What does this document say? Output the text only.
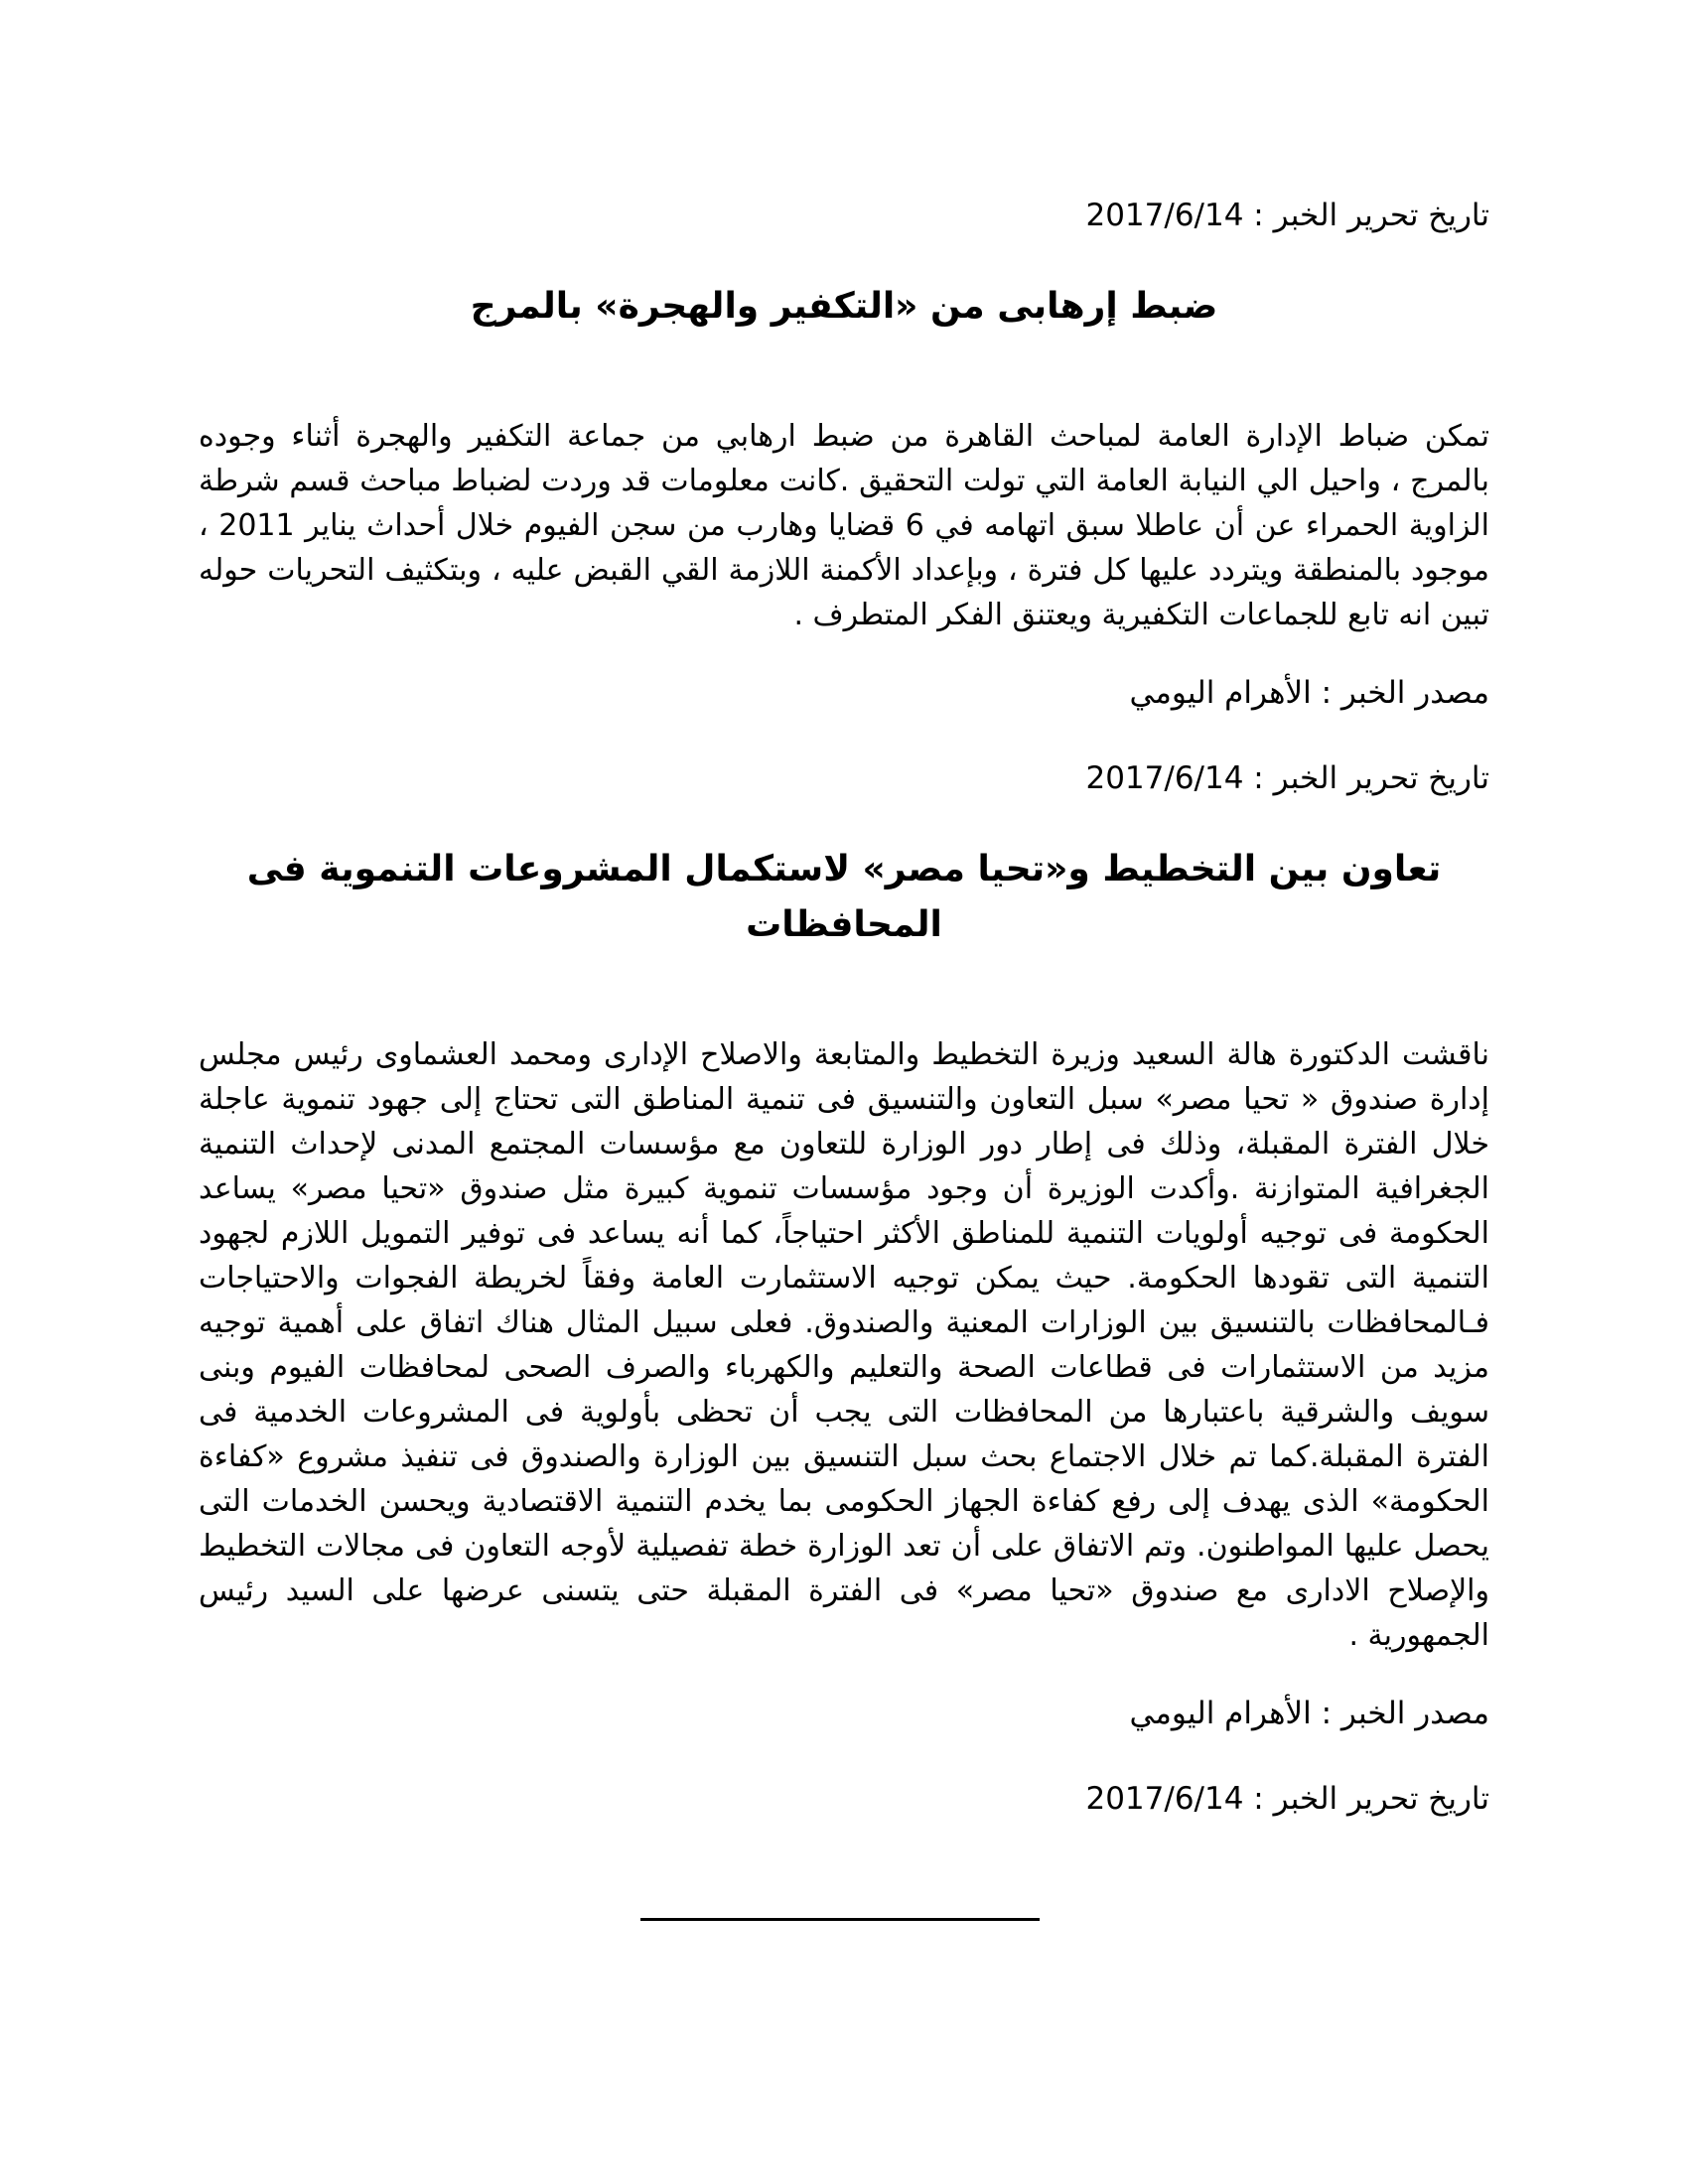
تاريخ تحرير الخبر : 2017/6/14

ضبط إرهابى من «التكفير والهجرة» بالمرج

تمكن ضباط الإدارة العامة لمباحث القاهرة من ضبط ارهابي من جماعة التكفير والهجرة أثناء وجوده بالمرج ، واحيل الي النيابة العامة التي تولت التحقيق .كانت معلومات قد وردت لضباط مباحث قسم شرطة الزاوية الحمراء عن أن عاطلا سبق اتهامه في 6 قضايا وهارب من سجن الفيوم خلال أحداث يناير 2011 ، موجود بالمنطقة ويتردد عليها كل فترة ، وبإعداد الأكمنة اللازمة القي القبض عليه ، وبتكثيف التحريات حوله تبين انه تابع للجماعات التكفيرية ويعتنق الفكر المتطرف .

مصدر الخبر : الأهرام اليومي

تاريخ تحرير الخبر : 2017/6/14

تعاون بين التخطيط و«تحيا مصر» لاستكمال المشروعات التنموية فى المحافظات

ناقشت الدكتورة هالة السعيد وزيرة التخطيط والمتابعة والاصلاح الإدارى ومحمد العشماوى رئيس مجلس إدارة صندوق « تحيا مصر» سبل التعاون والتنسيق فى تنمية المناطق التى تحتاج إلى جهود تنموية عاجلة خلال الفترة المقبلة، وذلك فى إطار دور الوزارة للتعاون مع مؤسسات المجتمع المدنى لإحداث التنمية الجغرافية المتوازنة .وأكدت الوزيرة أن وجود مؤسسات تنموية كبيرة مثل صندوق «تحيا مصر» يساعد الحكومة فى توجيه أولويات التنمية للمناطق الأكثر احتياجاً، كما أنه يساعد فى توفير التمويل اللازم لجهود التنمية التى تقودها الحكومة. حيث يمكن توجيه الاستثمارت العامة وفقاً لخريطة الفجوات والاحتياجات فـالمحافظات بالتنسيق بين الوزارات المعنية والصندوق. فعلى سبيل المثال هناك اتفاق على أهمية توجيه مزيد من الاستثمارات فى قطاعات الصحة والتعليم والكهرباء والصرف الصحى لمحافظات الفيوم وبنى سويف والشرقية باعتبارها من المحافظات التى يجب أن تحظى بأولوية فى المشروعات الخدمية فى الفترة المقبلة.كما تم خلال الاجتماع بحث سبل التنسيق بين الوزارة والصندوق فى تنفيذ مشروع «كفاءة الحكومة» الذى يهدف إلى رفع كفاءة الجهاز الحكومى بما يخدم التنمية الاقتصادية ويحسن الخدمات التى يحصل عليها المواطنون. وتم الاتفاق على أن تعد الوزارة خطة تفصيلية لأوجه التعاون فى مجالات التخطيط والإصلاح الادارى مع صندوق «تحيا مصر» فى الفترة المقبلة حتى يتسنى عرضها على السيد رئيس الجمهورية .

مصدر الخبر : الأهرام اليومي

تاريخ تحرير الخبر : 2017/6/14
